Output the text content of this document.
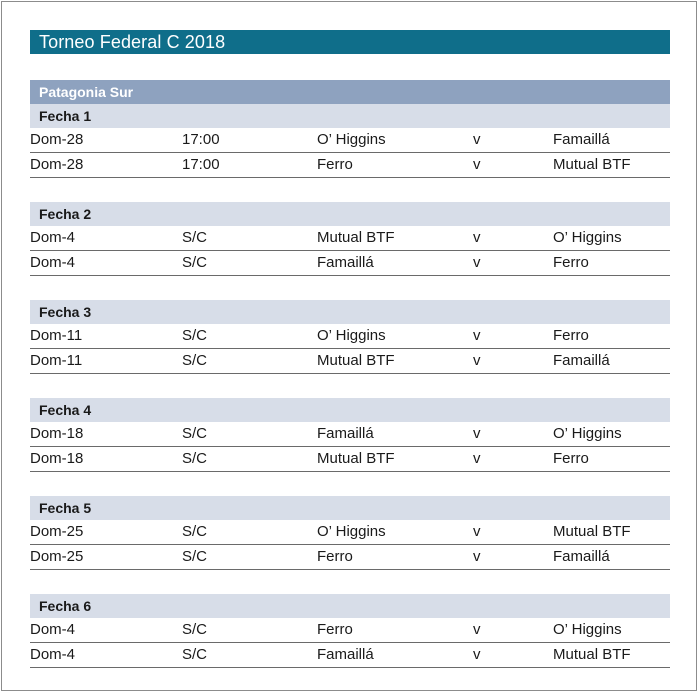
Torneo Federal C 2018
Patagonia Sur
Fecha 1
Dom-28	17:00	O’ Higgins	v	Famaillá
Dom-28	17:00	Ferro	v	Mutual BTF
Fecha 2
Dom-4	S/C	Mutual BTF	v	O’ Higgins
Dom-4	S/C	Famaillá	v	Ferro
Fecha 3
Dom-11	S/C	O’ Higgins	v	Ferro
Dom-11	S/C	Mutual BTF	v	Famaillá
Fecha 4
Dom-18	S/C	Famaillá	v	O’ Higgins
Dom-18	S/C	Mutual BTF	v	Ferro
Fecha 5
Dom-25	S/C	O’ Higgins	v	Mutual BTF
Dom-25	S/C	Ferro	v	Famaillá
Fecha 6
Dom-4	S/C	Ferro	v	O’ Higgins
Dom-4	S/C	Famaillá	v	Mutual BTF
